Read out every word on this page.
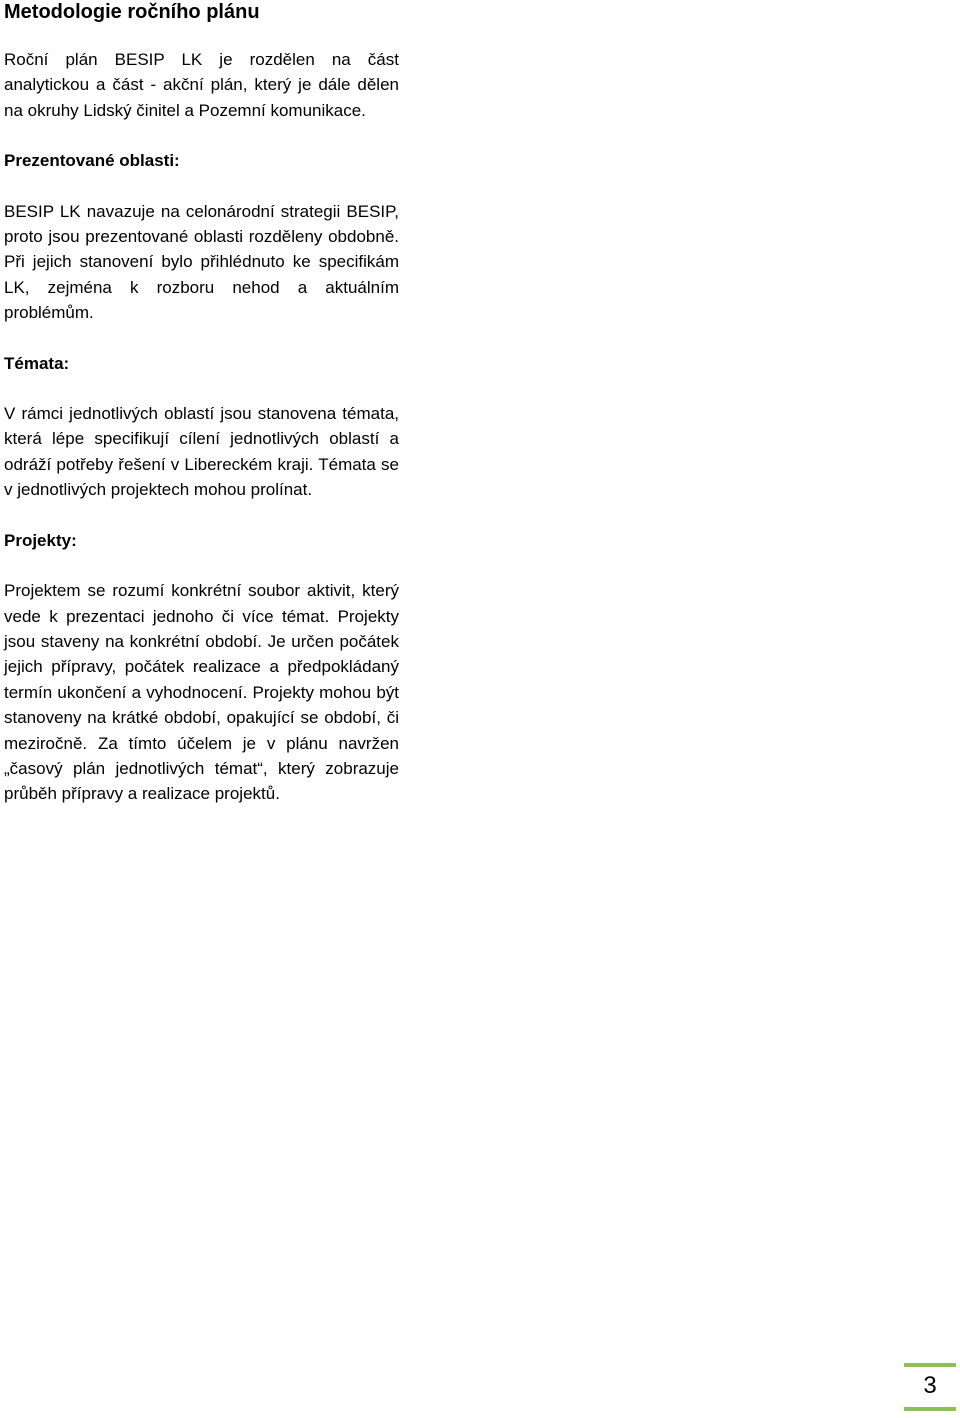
Metodologie ročního plánu

Roční plán BESIP LK je rozdělen na část analytickou a část - akční plán, který je dále dělen na okruhy Lidský činitel a Pozemní komunikace.

Prezentované oblasti:

BESIP LK navazuje na celonárodní strategii BESIP, proto jsou prezentované oblasti rozděleny obdobně. Při jejich stanovení bylo přihlédnuto ke specifikám LK, zejména k rozboru nehod a aktuálním problémům.

Témata:

V rámci jednotlivých oblastí jsou stanovena témata, která lépe specifikují cílení jednotlivých oblastí a odráží potřeby řešení v Libereckém kraji. Témata se v jednotlivých projektech mohou prolínat.

Projekty:

Projektem se rozumí konkrétní soubor aktivit, který vede k prezentaci jednoho či více témat. Projekty jsou staveny na konkrétní období. Je určen počátek jejich přípravy, počátek realizace a předpokládaný termín ukončení a vyhodnocení. Projekty mohou být stanoveny na krátké období, opakující se období, či meziročně. Za tímto účelem je v plánu navržen „časový plán jednotlivých témat“, který zobrazuje průběh přípravy a realizace projektů.

3
